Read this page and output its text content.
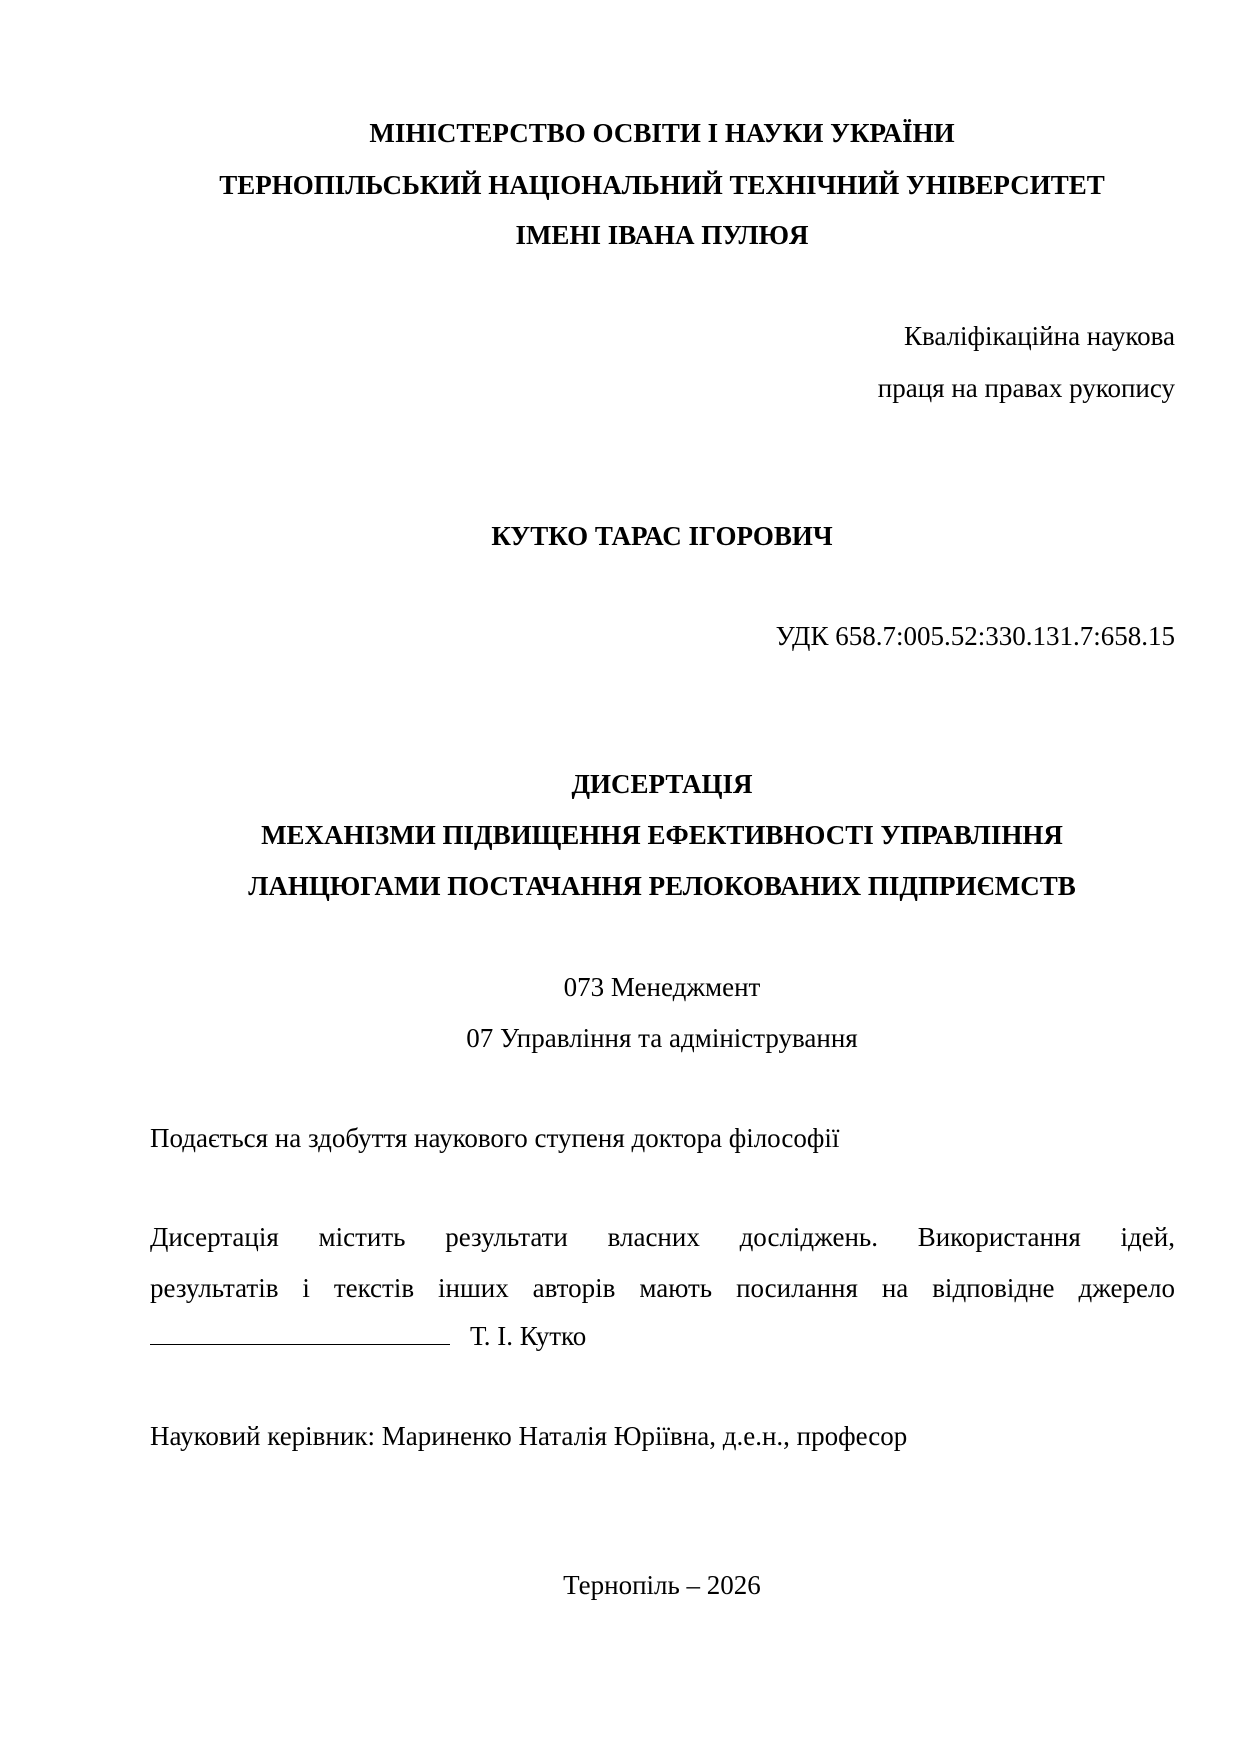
МІНІСТЕРСТВО ОСВІТИ І НАУКИ УКРАЇНИ
ТЕРНОПІЛЬСЬКИЙ НАЦІОНАЛЬНИЙ ТЕХНІЧНИЙ УНІВЕРСИТЕТ
ІМЕНІ ІВАНА ПУЛЮЯ
Кваліфікаційна наукова
праця на правах рукопису
КУТКО ТАРАС ІГОРОВИЧ
УДК 658.7:005.52:330.131.7:658.15
ДИСЕРТАЦІЯ
МЕХАНІЗМИ ПІДВИЩЕННЯ ЕФЕКТИВНОСТІ УПРАВЛІННЯ
ЛАНЦЮГАМИ ПОСТАЧАННЯ РЕЛОКОВАНИХ ПІДПРИЄМСТВ
073 Менеджмент
07 Управління та адміністрування
Подається на здобуття наукового ступеня доктора філософії
Дисертація містить результати власних досліджень. Використання ідей,
результатів і текстів інших авторів мають посилання на відповідне джерело
Т. І. Кутко
Науковий керівник: Мариненко Наталія Юріївна, д.е.н., професор
Тернопіль – 2026
